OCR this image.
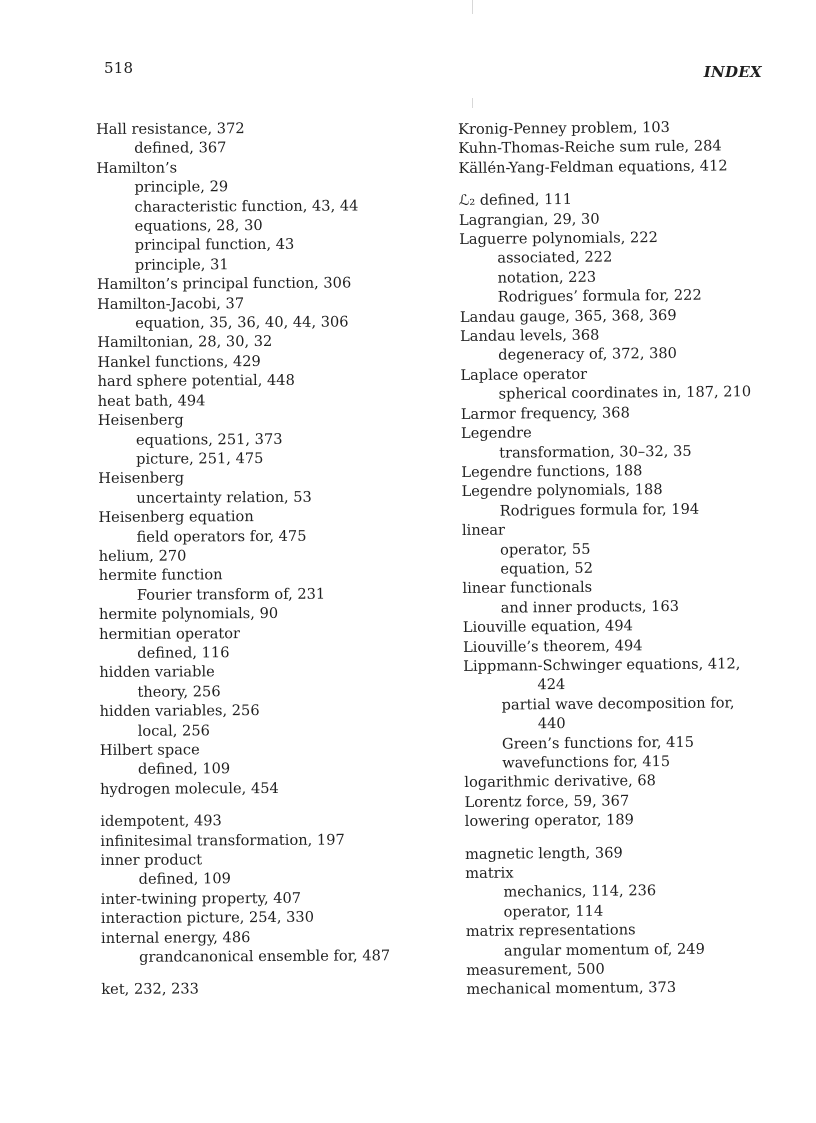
518	INDEX
Hall resistance, 372
defined, 367
Hamilton’s
principle, 29
characteristic function, 43, 44
equations, 28, 30
principal function, 43
principle, 31
Hamilton’s principal function, 306
Hamilton-Jacobi, 37
equation, 35, 36, 40, 44, 306
Hamiltonian, 28, 30, 32
Hankel functions, 429
hard sphere potential, 448
heat bath, 494
Heisenberg
equations, 251, 373
picture, 251, 475
Heisenberg
uncertainty relation, 53
Heisenberg equation
field operators for, 475
helium, 270
hermite function
Fourier transform of, 231
hermite polynomials, 90
hermitian operator
defined, 116
hidden variable
theory, 256
hidden variables, 256
local, 256
Hilbert space
defined, 109
hydrogen molecule, 454
idempotent, 493
infinitesimal transformation, 197
inner product
defined, 109
inter-twining property, 407
interaction picture, 254, 330
internal energy, 486
grandcanonical ensemble for, 487
ket, 232, 233
Kronig-Penney problem, 103
Kuhn-Thomas-Reiche sum rule, 284
Källén-Yang-Feldman equations, 412
ℒ₂ defined, 111
Lagrangian, 29, 30
Laguerre polynomials, 222
associated, 222
notation, 223
Rodrigues’ formula for, 222
Landau gauge, 365, 368, 369
Landau levels, 368
degeneracy of, 372, 380
Laplace operator
spherical coordinates in, 187, 210
Larmor frequency, 368
Legendre
transformation, 30–32, 35
Legendre functions, 188
Legendre polynomials, 188
Rodrigues formula for, 194
linear
operator, 55
equation, 52
linear functionals
and inner products, 163
Liouville equation, 494
Liouville’s theorem, 494
Lippmann-Schwinger equations, 412,
424
partial wave decomposition for,
440
Green’s functions for, 415
wavefunctions for, 415
logarithmic derivative, 68
Lorentz force, 59, 367
lowering operator, 189
magnetic length, 369
matrix
mechanics, 114, 236
operator, 114
matrix representations
angular momentum of, 249
measurement, 500
mechanical momentum, 373
